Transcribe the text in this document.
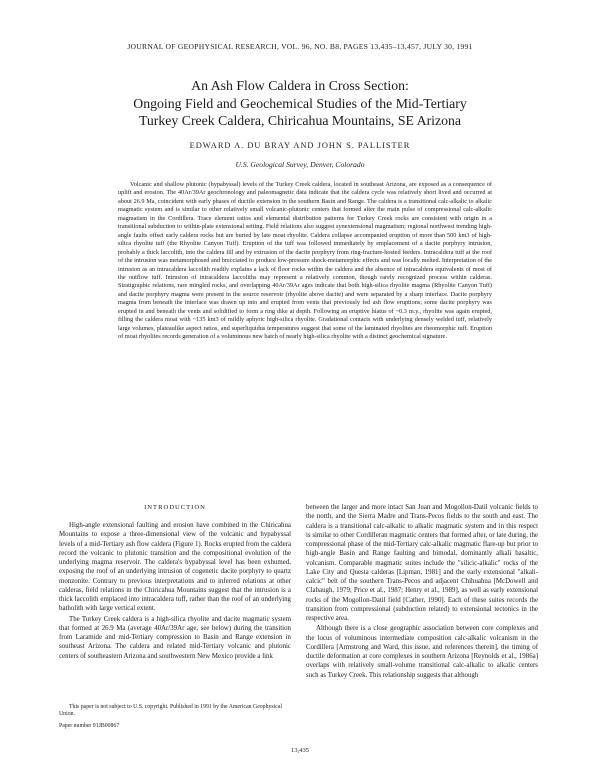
JOURNAL OF GEOPHYSICAL RESEARCH, VOL. 96, NO. B8, PAGES 13,435–13,457, JULY 30, 1991
An Ash Flow Caldera in Cross Section:
Ongoing Field and Geochemical Studies of the Mid-Tertiary
Turkey Creek Caldera, Chiricahua Mountains, SE Arizona
EDWARD A. DU BRAY AND JOHN S. PALLISTER
U.S. Geological Survey, Denver, Colorado

Volcanic and shallow plutonic (hypabyssal) levels of the Turkey Creek caldera, located in southeast Arizona, are exposed as a consequence of uplift and erosion. The 40Ar/39Ar geochronology and paleomagnetic data indicate that the caldera cycle was relatively short lived and occurred at about 26.9 Ma, coincident with early phases of ductile extension in the southern Basin and Range. The caldera is a transitional calc-alkalic to alkalic magmatic system and is similar to other relatively small volcanic-plutonic centers that formed after the main pulse of compressional calc-alkalic magmatism in the Cordillera. Trace element ratios and elemental distribution patterns for Turkey Creek rocks are consistent with origin in a transitional subduction to within-plate extensional setting. Field relations also suggest synextensional magmatism; regional northwest trending high-angle faults offset early caldera rocks but are buried by late moat rhyolite. Caldera collapse accompanied eruption of more than 500 km3 of high-silica rhyolite tuff (the Rhyolite Canyon Tuff). Eruption of the tuff was followed immediately by emplacement of a dacite porphyry intrusion, probably a thick laccolith, into the caldera fill and by extrusion of the dacite porphyry from ring-fracture-hosted feeders. Intracaldera tuff at the roof of the intrusion was metamorphosed and brecciated to produce low-pressure shock-metamorphic effects and was locally melted. Interpretation of the intrusion as an intracaldera laccolith readily explains a lack of floor rocks within the caldera and the absence of intracaldera equivalents of most of the outflow tuff. Intrusion of intracaldera laccoliths may represent a relatively common, though rarely recognized process within calderas. Stratigraphic relations, rare mingled rocks, and overlapping 40Ar/39Ar ages indicate that both high-silica rhyolite magma (Rhyolite Canyon Tuff) and dacite porphyry magma were present in the source reservoir (rhyolite above dacite) and were separated by a sharp interface. Dacite porphyry magma from beneath the interface was drawn up into and erupted from vents that previously fed ash flow eruptions; some dacite porphyry was erupted in and beneath the vents and solidified to form a ring dike at depth. Following an eruptive hiatus of ~0.3 m.y., rhyolite was again erupted, filling the caldera moat with ~135 km3 of mildly aphyric high-silica rhyolite. Gradational contacts with underlying densely welded tuff, relatively large volumes, plateaulike aspect ratios, and superliquidus temperatures suggest that some of the laminated rhyolites are rheomorphic tuff. Eruption of moat rhyolites records generation of a voluminous new batch of nearly high-silica rhyolite with a distinct geochemical signature.

INTRODUCTION

High-angle extensional faulting and erosion have combined in the Chiricahua Mountains to expose a three-dimensional view of the volcanic and hypabyssal levels of a mid-Tertiary ash flow caldera (Figure 1). Rocks erupted from the caldera record the volcanic to plutonic transition and the compositional evolution of the underlying magma reservoir. The caldera's hypabyssal level has been exhumed, exposing the roof of an underlying intrusion of cogenetic dacite porphyry to quartz monzonite. Contrary to previous interpretations and to inferred relations at other calderas, field relations in the Chiricahua Mountains suggest that the intrusion is a thick laccolith emplaced into intracaldera tuff, rather than the roof of an underlying batholith with large vertical extent.

The Turkey Creek caldera is a high-silica rhyolite and dacite magmatic system that formed at 26.9 Ma (average 40Ar/39Ar age, see below) during the transition from Laramide and mid-Tertiary compression to Basin and Range extension in southeast Arizona. The caldera and related mid-Tertiary volcanic and plutonic centers of southeastern Arizona and southwestern New Mexico provide a link

between the larger and more intact San Juan and Mogollon-Datil volcanic fields to the north, and the Sierra Madre and Trans-Pecos fields to the south and east. The caldera is a transitional calc-alkalic to alkalic magmatic system and in this respect is similar to other Cordilleran magmatic centers that formed after, or late during, the compressional phase of the mid-Tertiary calc-alkalic magmatic flare-up but prior to high-angle Basin and Range faulting and bimodal, dominantly alkali basaltic, volcanism. Comparable magmatic suites include the "silicic-alkalic" rocks of the Lake City and Questa calderas [Lipman, 1981] and the early extensional "alkali-calcic" belt of the southern Trans-Pecos and adjacent Chihuahua [McDowell and Clabaugh, 1979; Price et al., 1987; Henry et al., 1989], as well as early extensional rocks of the Mogollon-Datil field [Cather, 1990]. Each of these suites records the transition from compressional (subduction related) to extensional tectonics in the respective area.

Although there is a close geographic association between core complexes and the locus of voluminous intermediate composition calc-alkalic volcanism in the Cordillera [Armstrong and Ward, this issue, and references therein], the timing of ductile deformation at core complexes in southern Arizona [Reynolds et al., 1986a] overlaps with relatively small-volume transitional calc-alkalic to alkalic centers such as Turkey Creek. This relationship suggests that although

This paper is not subject to U.S. copyright. Published in 1991 by the American Geophysical Union.

Paper number 91JB00867

13,435
